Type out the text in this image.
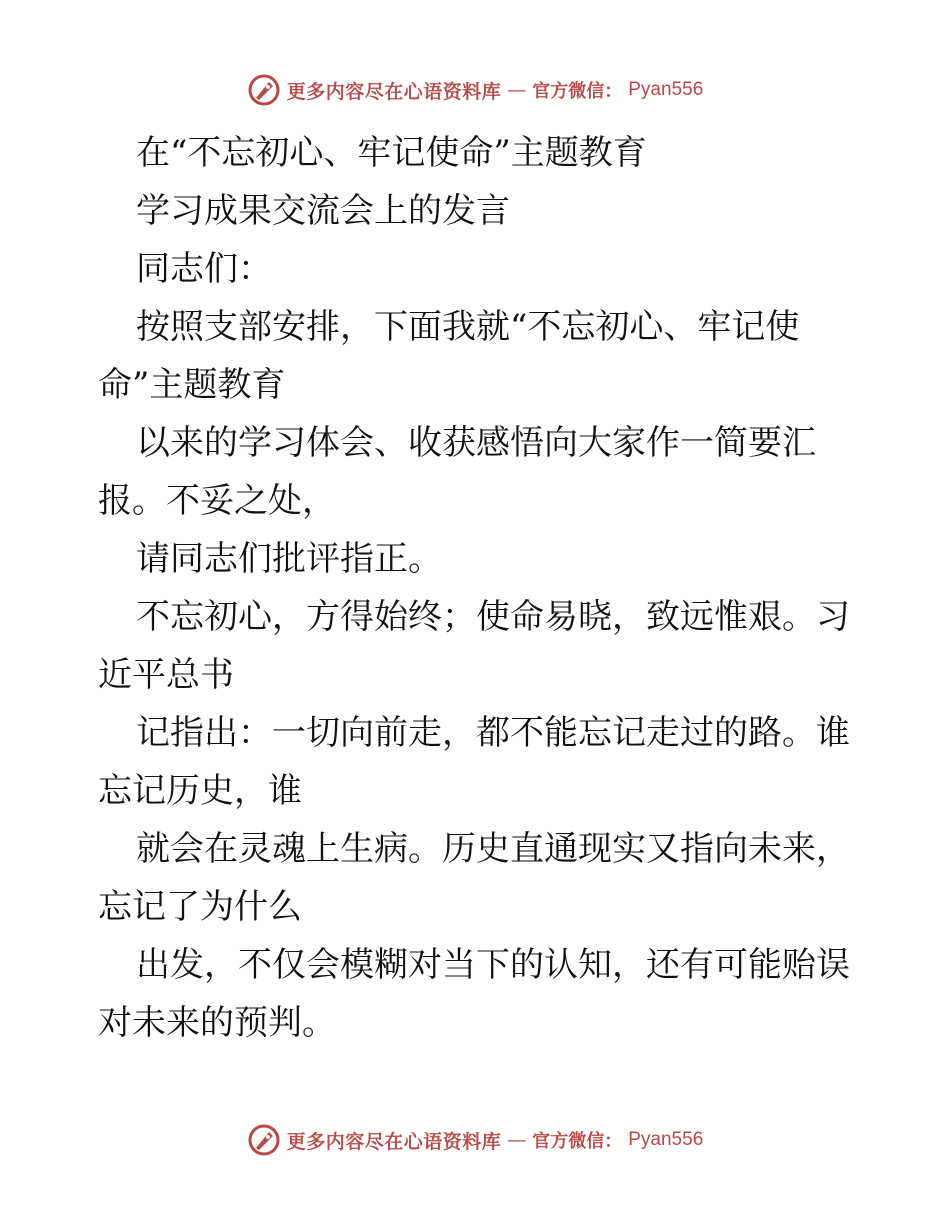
更多内容尽在心语资料库 — 官方微信： Pyan556

在“不忘初心、牢记使命”主题教育

学习成果交流会上的发言

同志们：

按照支部安排，下面我就“不忘初心、牢记使
命”主题教育

以来的学习体会、收获感悟向大家作一简要汇
报。不妥之处，

请同志们批评指正。

不忘初心，方得始终；使命易晓，致远惟艰。习
近平总书

记指出：一切向前走，都不能忘记走过的路。谁
忘记历史，谁

就会在灵魂上生病。历史直通现实又指向未来，
忘记了为什么

出发，不仅会模糊对当下的认知，还有可能贻误
对未来的预判。

更多内容尽在心语资料库 — 官方微信： Pyan556
